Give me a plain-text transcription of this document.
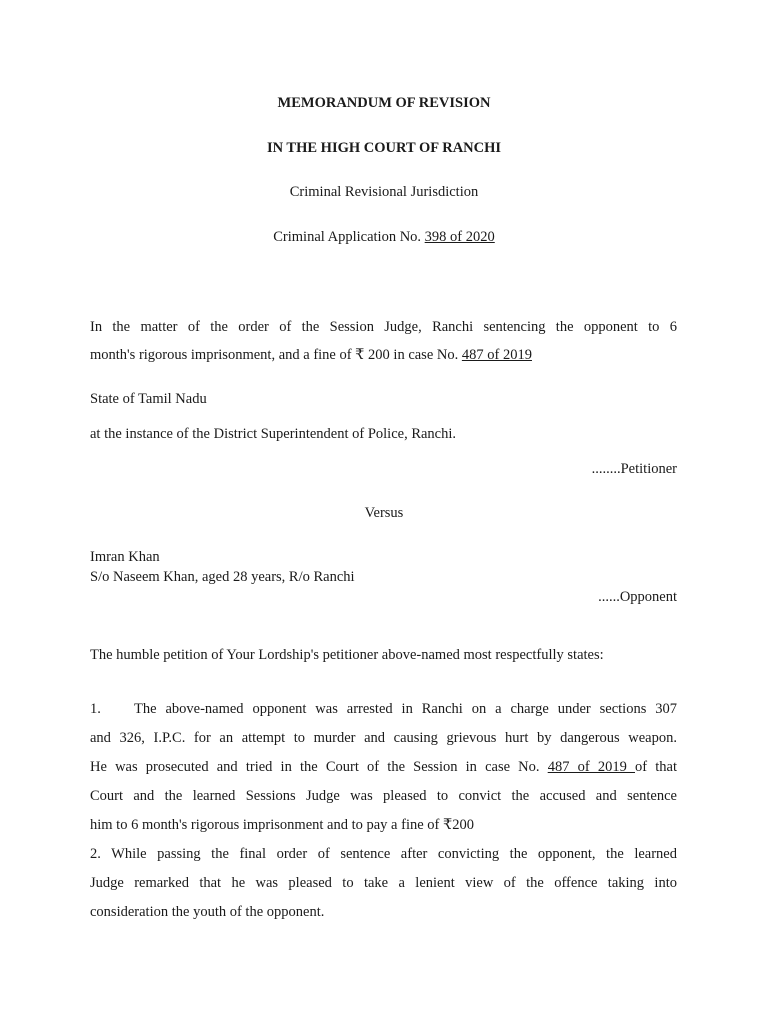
MEMORANDUM OF REVISION
IN THE HIGH COURT OF RANCHI
Criminal Revisional Jurisdiction
Criminal Application No. 398 of 2020
In the matter of the order of the Session Judge, Ranchi sentencing the opponent to 6
month's rigorous imprisonment, and a fine of ₹ 200 in case No. 487 of 2019
State of Tamil Nadu
at the instance of the District Superintendent of Police, Ranchi.
........Petitioner
Versus
Imran Khan
S/o Naseem Khan, aged 28 years, R/o Ranchi
......Opponent
The humble petition of Your Lordship's petitioner above-named most respectfully states:
1. The above-named opponent was arrested in Ranchi on a charge under sections 307
and 326, I.P.C. for an attempt to murder and causing grievous hurt by dangerous weapon.
He was prosecuted and tried in the Court of the Session in case No. 487 of 2019 of that
Court and the learned Sessions Judge was pleased to convict the accused and sentence
him to 6 month's rigorous imprisonment and to pay a fine of ₹200
2. While passing the final order of sentence after convicting the opponent, the learned
Judge remarked that he was pleased to take a lenient view of the offence taking into
consideration the youth of the opponent.
